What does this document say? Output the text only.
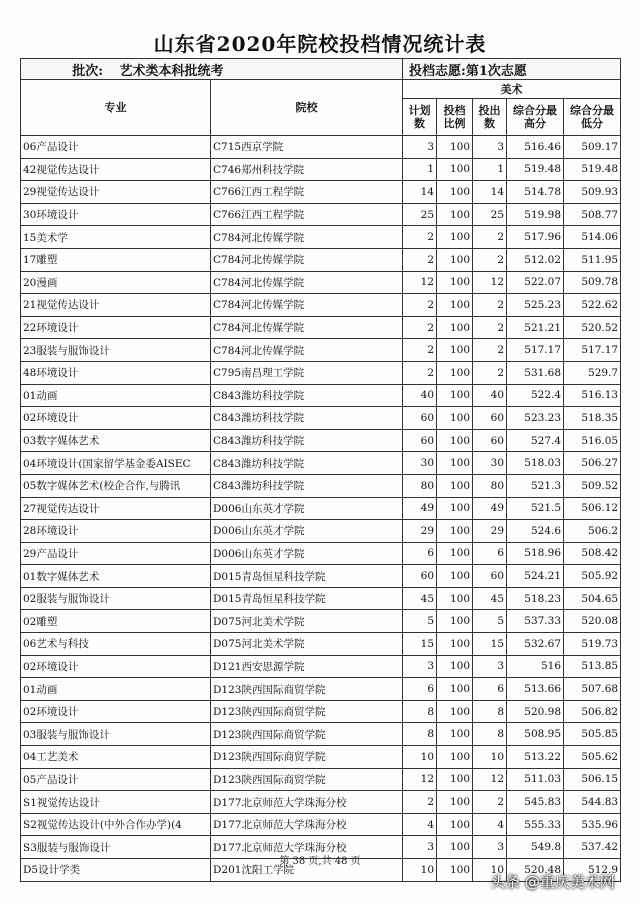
山东省2020年院校投档情况统计表
批次: 艺术类本科批统考		投档志愿:第1次志愿				
专业	院校	美术				
		计划数	投档比例	投出数	综合分最高分	综合分最低分
06产品设计	C715西京学院	3	100	3	516.46	509.17
42视觉传达设计	C746郑州科技学院	1	100	1	519.48	519.48
29视觉传达设计	C766江西工程学院	14	100	14	514.78	509.93
30环境设计	C766江西工程学院	25	100	25	519.98	508.77
15美术学	C784河北传媒学院	2	100	2	517.96	514.06
17雕塑	C784河北传媒学院	2	100	2	512.02	511.95
20漫画	C784河北传媒学院	12	100	12	522.07	509.78
21视觉传达设计	C784河北传媒学院	2	100	2	525.23	522.62
22环境设计	C784河北传媒学院	2	100	2	521.21	520.52
23服装与服饰设计	C784河北传媒学院	2	100	2	517.17	517.17
48环境设计	C795南昌理工学院	2	100	2	531.68	529.7
01动画	C843潍坊科技学院	40	100	40	522.4	516.13
02环境设计	C843潍坊科技学院	60	100	60	523.23	518.35
03数字媒体艺术	C843潍坊科技学院	60	100	60	527.4	516.05
04环境设计(国家留学基金委AISEC	C843潍坊科技学院	30	100	30	518.03	506.27
05数字媒体艺术(校企合作,与腾讯	C843潍坊科技学院	80	100	80	521.3	509.52
27视觉传达设计	D006山东英才学院	49	100	49	521.5	506.12
28环境设计	D006山东英才学院	29	100	29	524.6	506.2
29产品设计	D006山东英才学院	6	100	6	518.96	508.42
01数字媒体艺术	D015青岛恒星科技学院	60	100	60	524.21	505.92
02服装与服饰设计	D015青岛恒星科技学院	45	100	45	518.23	504.65
02雕塑	D075河北美术学院	5	100	5	537.33	520.08
06艺术与科技	D075河北美术学院	15	100	15	532.67	519.73
02环境设计	D121西安思源学院	3	100	3	516	513.85
01动画	D123陕西国际商贸学院	6	100	6	513.66	507.68
02环境设计	D123陕西国际商贸学院	8	100	8	520.98	506.82
03服装与服饰设计	D123陕西国际商贸学院	8	100	8	508.95	505.85
04工艺美术	D123陕西国际商贸学院	10	100	10	513.22	505.62
05产品设计	D123陕西国际商贸学院	12	100	12	511.03	506.15
S1视觉传达设计	D177北京师范大学珠海分校	2	100	2	545.83	544.83
S2视觉传达设计(中外合作办学)(4	D177北京师范大学珠海分校	4	100	4	555.33	535.96
S3服装与服饰设计	D177北京师范大学珠海分校	3	100	3	549.8	537.42
D5设计学类	D201沈阳工学院	10	100	10	520.48	512.9
第 38 页,共 48 页
头条 @重庆美术网
